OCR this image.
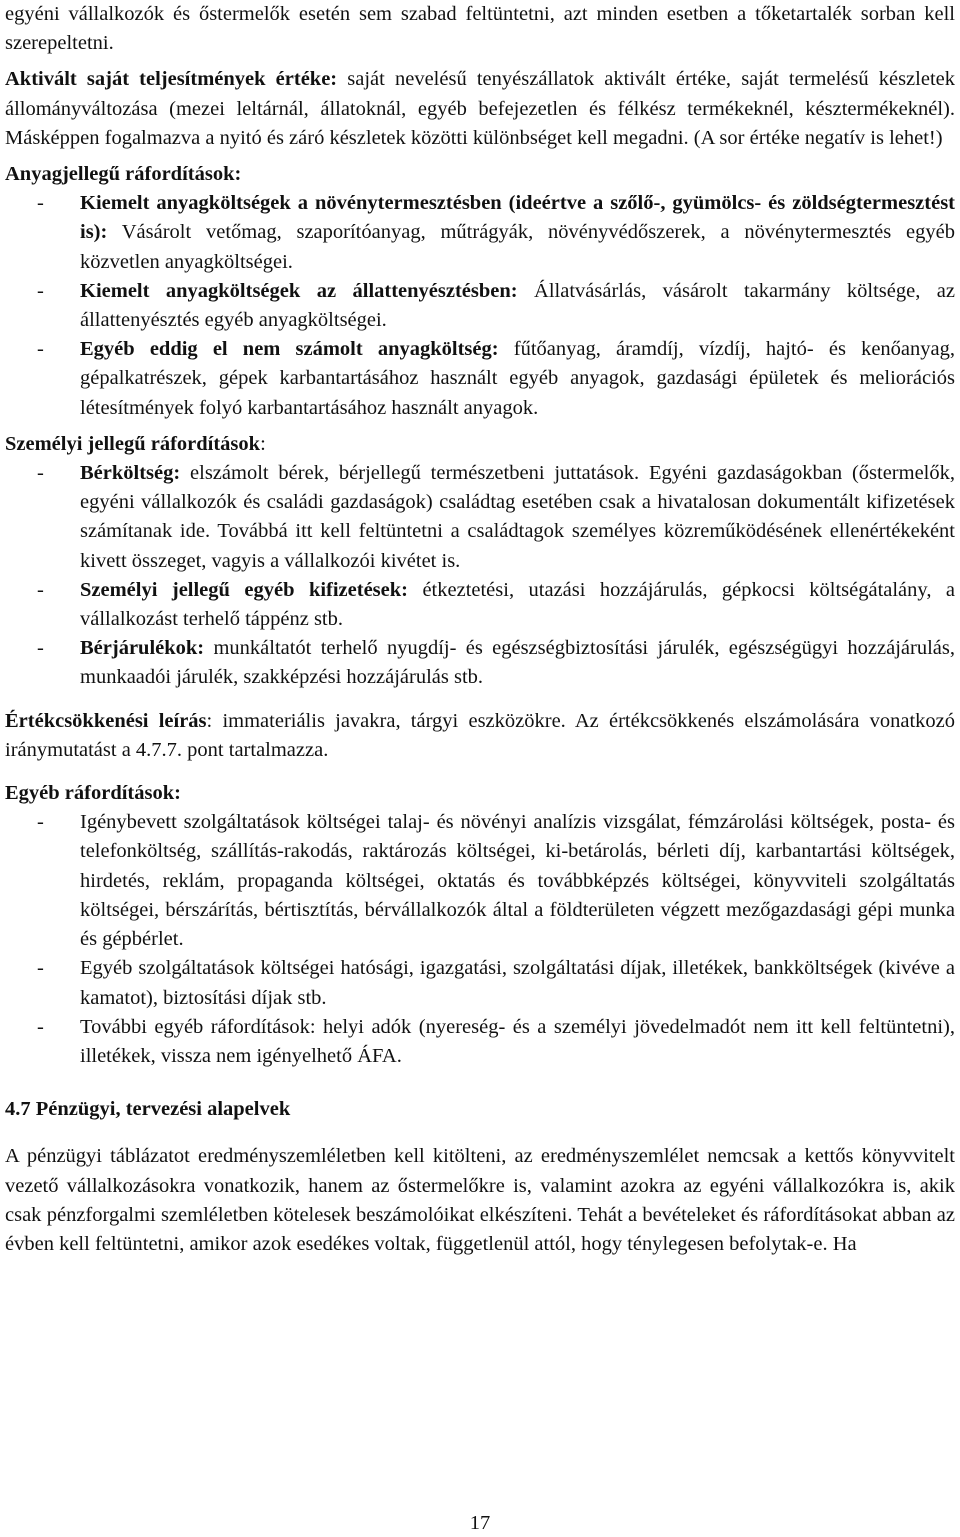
egyéni vállalkozók és őstermelők esetén sem szabad feltüntetni, azt minden esetben a tőketartalék sorban kell szerepeltetni.

Aktivált saját teljesítmények értéke: saját nevelésű tenyészállatok aktivált értéke, saját termelésű készletek állományváltozása (mezei leltárnál, állatoknál, egyéb befejezetlen és félkész termékeknél, késztermékeknél). Másképpen fogalmazva a nyitó és záró készletek közötti különbséget kell megadni. (A sor értéke negatív is lehet!)

Anyagjellegű ráfordítások:

- Kiemelt anyagköltségek a növénytermesztésben (ideértve a szőlő-, gyümölcs- és zöldségtermesztést is): Vásárolt vetőmag, szaporítóanyag, műtrágyák, növényvédőszerek, a növénytermesztés egyéb közvetlen anyagköltségei.
- Kiemelt anyagköltségek az állattenyésztésben: Állatvásárlás, vásárolt takarmány költsége, az állattenyésztés egyéb anyagköltségei.
- Egyéb eddig el nem számolt anyagköltség: fűtőanyag, áramdíj, vízdíj, hajtó- és kenőanyag, gépalkatrészek, gépek karbantartásához használt egyéb anyagok, gazdasági épületek és meliorációs létesítmények folyó karbantartásához használt anyagok.

Személyi jellegű ráfordítások:

- Bérköltség: elszámolt bérek, bérjellegű természetbeni juttatások. Egyéni gazdaságokban (őstermelők, egyéni vállalkozók és családi gazdaságok) családtag esetében csak a hivatalosan dokumentált kifizetések számítanak ide. Továbbá itt kell feltüntetni a családtagok személyes közreműködésének ellenértékeként kivett összeget, vagyis a vállalkozói kivétet is.
- Személyi jellegű egyéb kifizetések: étkeztetési, utazási hozzájárulás, gépkocsi költségátalány, a vállalkozást terhelő táppénz stb.
- Bérjárulékok: munkáltatót terhelő nyugdíj- és egészségbiztosítási járulék, egészségügyi hozzájárulás, munkaadói járulék, szakképzési hozzájárulás stb.

Értékcsökkenési leírás: immateriális javakra, tárgyi eszközökre. Az értékcsökkenés elszámolására vonatkozó iránymutatást a 4.7.7. pont tartalmazza.

Egyéb ráfordítások:

- Igénybevett szolgáltatások költségei talaj- és növényi analízis vizsgálat, fémzárolási költségek, posta- és telefonköltség, szállítás-rakodás, raktározás költségei, ki-betárolás, bérleti díj, karbantartási költségek, hirdetés, reklám, propaganda költségei, oktatás és továbbképzés költségei, könyvviteli szolgáltatás költségei, bérszárítás, bértisztítás, bérvállalkozók által a földterületen végzett mezőgazdasági gépi munka és gépbérlet.
- Egyéb szolgáltatások költségei hatósági, igazgatási, szolgáltatási díjak, illetékek, bankköltségek (kivéve a kamatot), biztosítási díjak stb.
- További egyéb ráfordítások: helyi adók (nyereség- és a személyi jövedelmadót nem itt kell feltüntetni), illetékek, vissza nem igényelhető ÁFA.

4.7 Pénzügyi, tervezési alapelvek

A pénzügyi táblázatot eredményszemléletben kell kitölteni, az eredményszemlélet nemcsak a kettős könyvvitelt vezető vállalkozásokra vonatkozik, hanem az őstermelőkre is, valamint azokra az egyéni vállalkozókra is, akik csak pénzforgalmi szemléletben kötelesek beszámolóikat elkészíteni. Tehát a bevételeket és ráfordításokat abban az évben kell feltüntetni, amikor azok esedékes voltak, függetlenül attól, hogy ténylegesen befolytak-e. Ha

17
